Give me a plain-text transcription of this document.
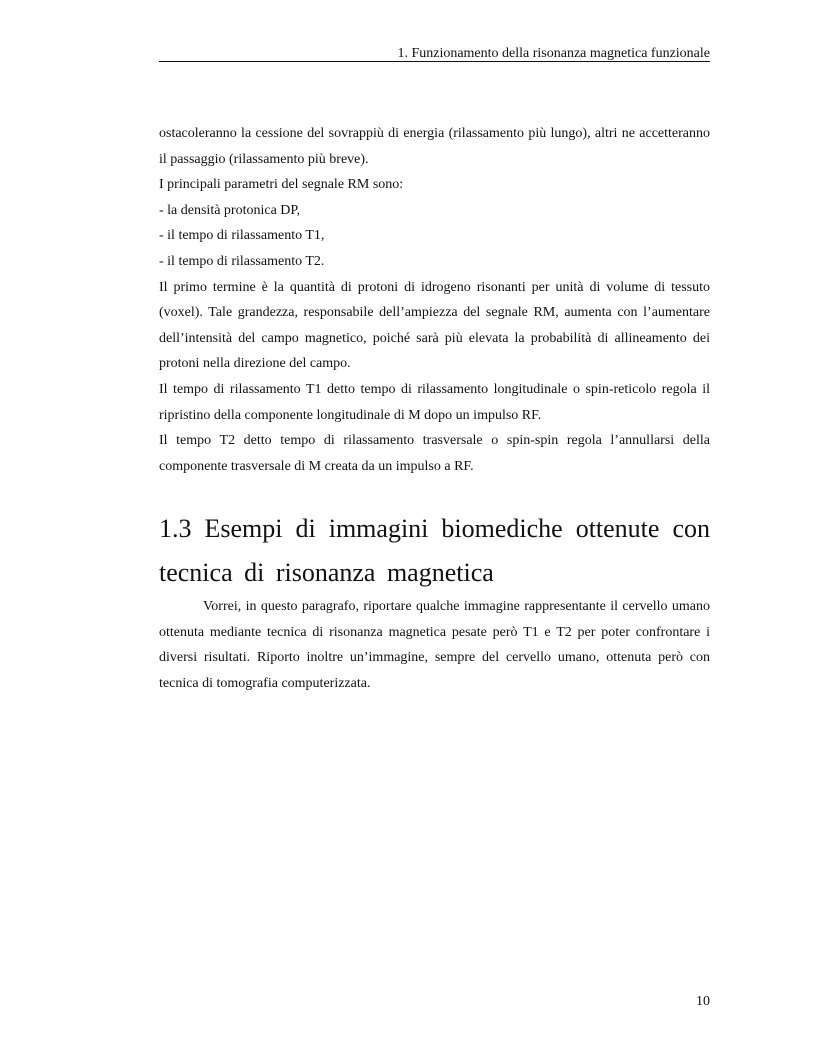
1. Funzionamento della risonanza magnetica funzionale

ostacoleranno la cessione del sovrappiù di energia (rilassamento più lungo), altri ne accetteranno il passaggio (rilassamento più breve).

I principali parametri del segnale RM sono:

- la densità protonica DP,

- il tempo di rilassamento T1,

- il tempo di rilassamento T2.

Il primo termine è la quantità di protoni di idrogeno risonanti per unità di volume di tessuto (voxel). Tale grandezza, responsabile dell’ampiezza del segnale RM, aumenta con l’aumentare dell’intensità del campo magnetico, poiché sarà più elevata la probabilità di allineamento dei protoni nella direzione del campo.

Il tempo di rilassamento T1 detto tempo di rilassamento longitudinale o spin-reticolo regola il ripristino della componente longitudinale di M dopo un impulso RF.

Il tempo T2 detto tempo di rilassamento trasversale o spin-spin regola l’annullarsi della componente trasversale di M creata da un impulso a RF.

1.3 Esempi di immagini biomediche ottenute con tecnica di risonanza magnetica

Vorrei, in questo paragrafo, riportare qualche immagine rappresentante il cervello umano ottenuta mediante tecnica di risonanza magnetica pesate però T1 e T2 per poter confrontare i diversi risultati. Riporto inoltre un’immagine, sempre del cervello umano, ottenuta però con tecnica di tomografia computerizzata.

10
